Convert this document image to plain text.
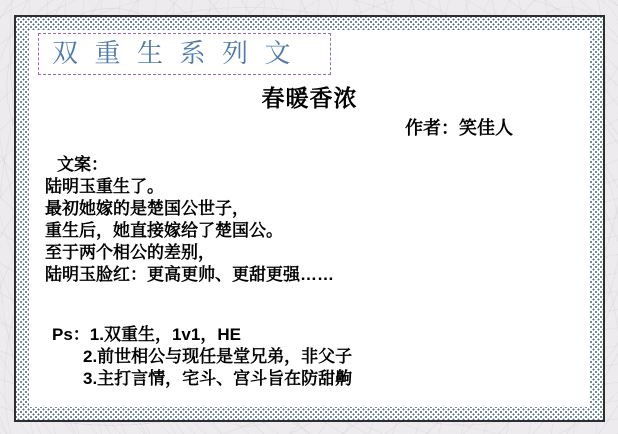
双 重 生 系 列 文
春暖香浓
作者：笑佳人
文案：
陆明玉重生了。
最初她嫁的是楚国公世子，
重生后，她直接嫁给了楚国公。
至于两个相公的差别，
陆明玉脸红：更高更帅、更甜更强……
Ps：1.双重生，1v1，HE
2.前世相公与现任是堂兄弟，非父子
3.主打言情，宅斗、宫斗旨在防甜齁
